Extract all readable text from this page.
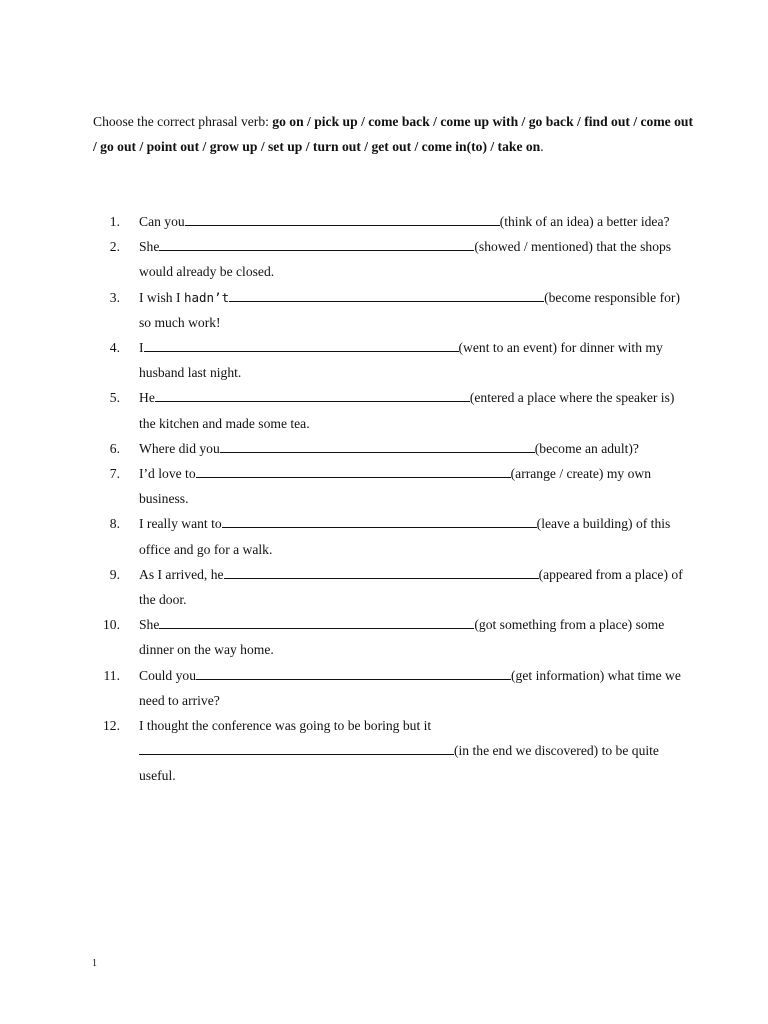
Choose the correct phrasal verb: go on / pick up / come back / come up with / go back / find out / come out / go out / point out / grow up / set up / turn out / get out / come in(to) / take on.
1. Can you	(think of an idea) a better idea?
2. She	(showed / mentioned) that the shops would already be closed.
3. I wish I hadn’t	(become responsible for) so much work!
4. I	(went to an event) for dinner with my husband last night.
5. He	(entered a place where the speaker is) the kitchen and made some tea.
6. Where did you	(become an adult)?
7. I’d love to	(arrange / create) my own business.
8. I really want to	(leave a building) of this office and go for a walk.
9. As I arrived, he	(appeared from a place) of the door.
10. She	(got something from a place) some dinner on the way home.
11. Could you	(get information) what time we need to arrive?
12. I thought the conference was going to be boring but it
(in the end we discovered) to be quite useful.
1
